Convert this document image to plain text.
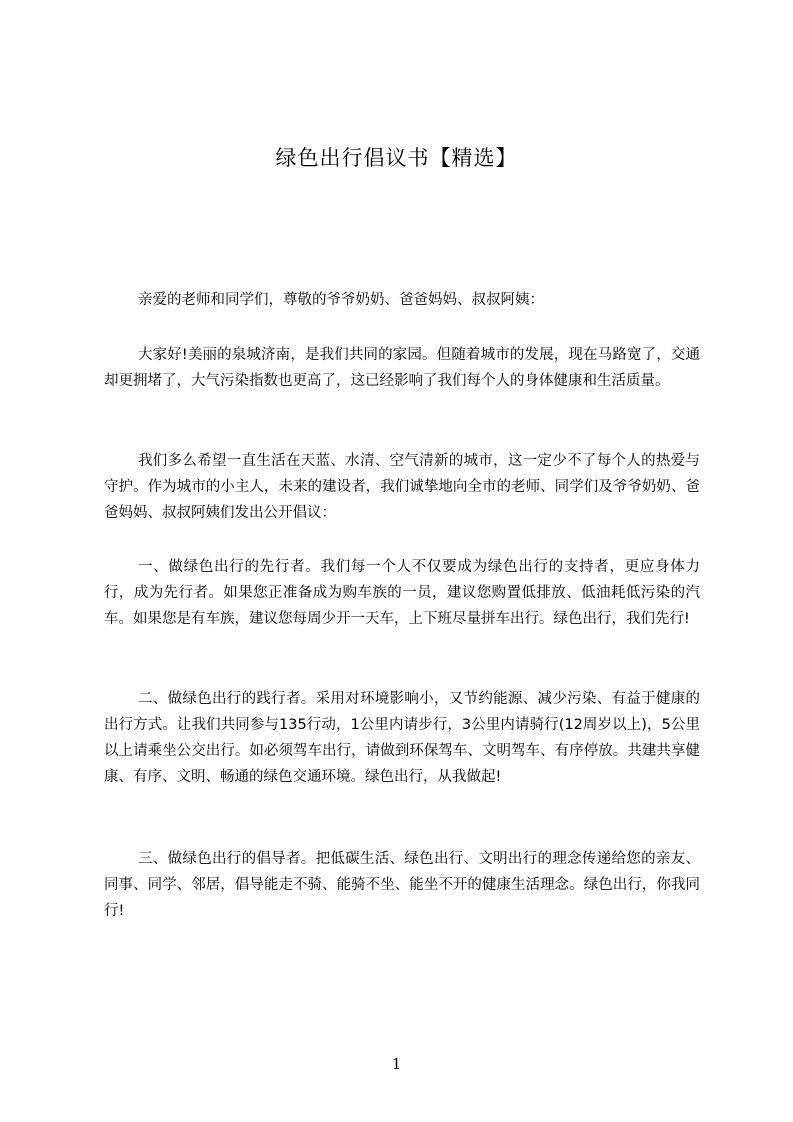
绿色出行倡议书【精选】
亲爱的老师和同学们，尊敬的爷爷奶奶、爸爸妈妈、叔叔阿姨：
大家好!美丽的泉城济南，是我们共同的家园。但随着城市的发展，现在马路宽了，交通却更拥堵了，大气污染指数也更高了，这已经影响了我们每个人的身体健康和生活质量。
我们多么希望一直生活在天蓝、水清、空气清新的城市，这一定少不了每个人的热爱与守护。作为城市的小主人，未来的建设者，我们诚挚地向全市的老师、同学们及爷爷奶奶、爸爸妈妈、叔叔阿姨们发出公开倡议：
一、做绿色出行的先行者。我们每一个人不仅要成为绿色出行的支持者，更应身体力行，成为先行者。如果您正准备成为购车族的一员，建议您购置低排放、低油耗低污染的汽车。如果您是有车族，建议您每周少开一天车，上下班尽量拼车出行。绿色出行，我们先行!
二、做绿色出行的践行者。采用对环境影响小，又节约能源、减少污染、有益于健康的出行方式。让我们共同参与135行动，1公里内请步行，3公里内请骑行(12周岁以上)，5公里以上请乘坐公交出行。如必须驾车出行，请做到环保驾车、文明驾车、有序停放。共建共享健康、有序、文明、畅通的绿色交通环境。绿色出行，从我做起!
三、做绿色出行的倡导者。把低碳生活、绿色出行、文明出行的理念传递给您的亲友、同事、同学、邻居，倡导能走不骑、能骑不坐、能坐不开的健康生活理念。绿色出行，你我同行!
1
